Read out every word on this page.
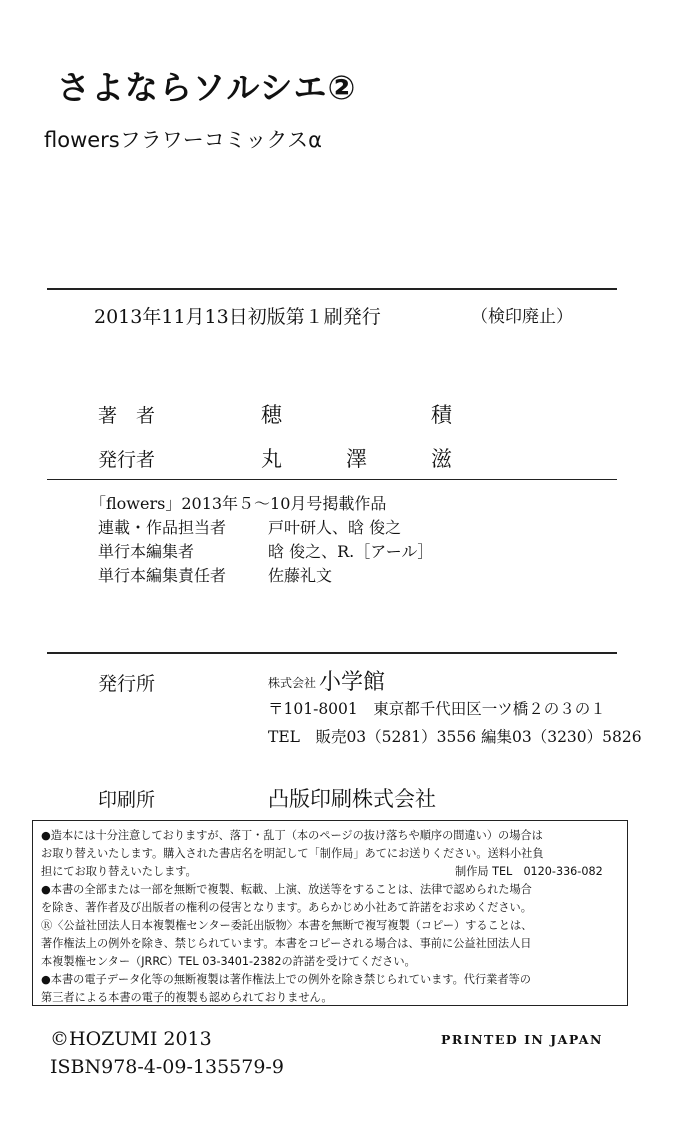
さよならソルシエ②
flowersフラワーコミックスα
2013年11月13日初版第１刷発行	（検印廃止）
著　者	穂	積
発行者	丸	澤	滋
「flowers」2013年５～10月号掲載作品
連載・作品担当者	戸叶研人、晗 俊之
単行本編集者	晗 俊之、R.［アール］
単行本編集責任者	佐藤礼文
発行所	株式会社 小学館
〒101-8001　東京都千代田区一ツ橋２の３の１
TEL　販売03（5281）3556 編集03（3230）5826
印刷所	凸版印刷株式会社
●造本には十分注意しておりますが、落丁・乱丁（本のページの抜け落ちや順序の間違い）の場合は
お取り替えいたします。購入された書店名を明記して「制作局」あてにお送りください。送料小社負
担にてお取り替えいたします。	制作局 TEL　0120-336-082
●本書の全部または一部を無断で複製、転載、上演、放送等をすることは、法律で認められた場合
を除き、著作者及び出版者の権利の侵害となります。あらかじめ小社あて許諾をお求めください。
Ⓡ〈公益社団法人日本複製権センター委託出版物〉本書を無断で複写複製（コピー）することは、
著作権法上の例外を除き、禁じられています。本書をコピーされる場合は、事前に公益社団法人日
本複製権センター（JRRC）TEL 03-3401-2382の許諾を受けてください。
●本書の電子データ化等の無断複製は著作権法上での例外を除き禁じられています。代行業者等の
第三者による本書の電子的複製も認められておりません。
©HOZUMI 2013	PRINTED IN JAPAN
ISBN978-4-09-135579-9
